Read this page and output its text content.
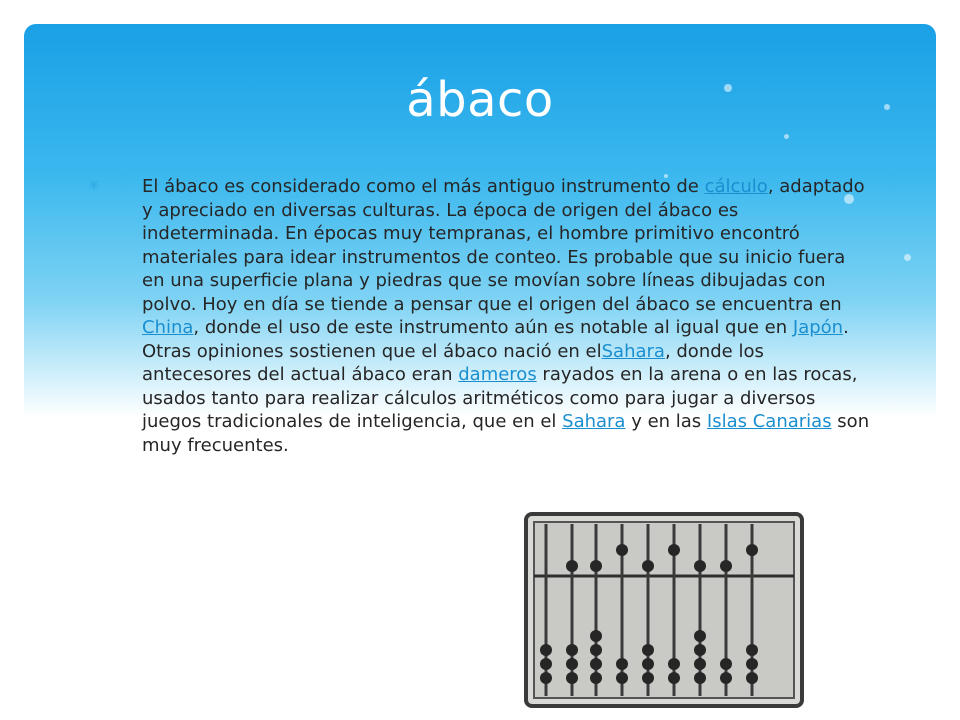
ábaco
✳	El ábaco es considerado como el más antiguo instrumento de cálculo, adaptado y apreciado en diversas culturas. La época de origen del ábaco es indeterminada. En épocas muy tempranas, el hombre primitivo encontró materiales para idear instrumentos de conteo. Es probable que su inicio fuera en una superficie plana y piedras que se movían sobre líneas dibujadas con polvo. Hoy en día se tiende a pensar que el origen del ábaco se encuentra en China, donde el uso de este instrumento aún es notable al igual que en Japón. Otras opiniones sostienen que el ábaco nació en elSahara, donde los antecesores del actual ábaco eran dameros rayados en la arena o en las rocas, usados tanto para realizar cálculos aritméticos como para jugar a diversos juegos tradicionales de inteligencia, que en el Sahara y en las Islas Canarias son muy frecuentes.
